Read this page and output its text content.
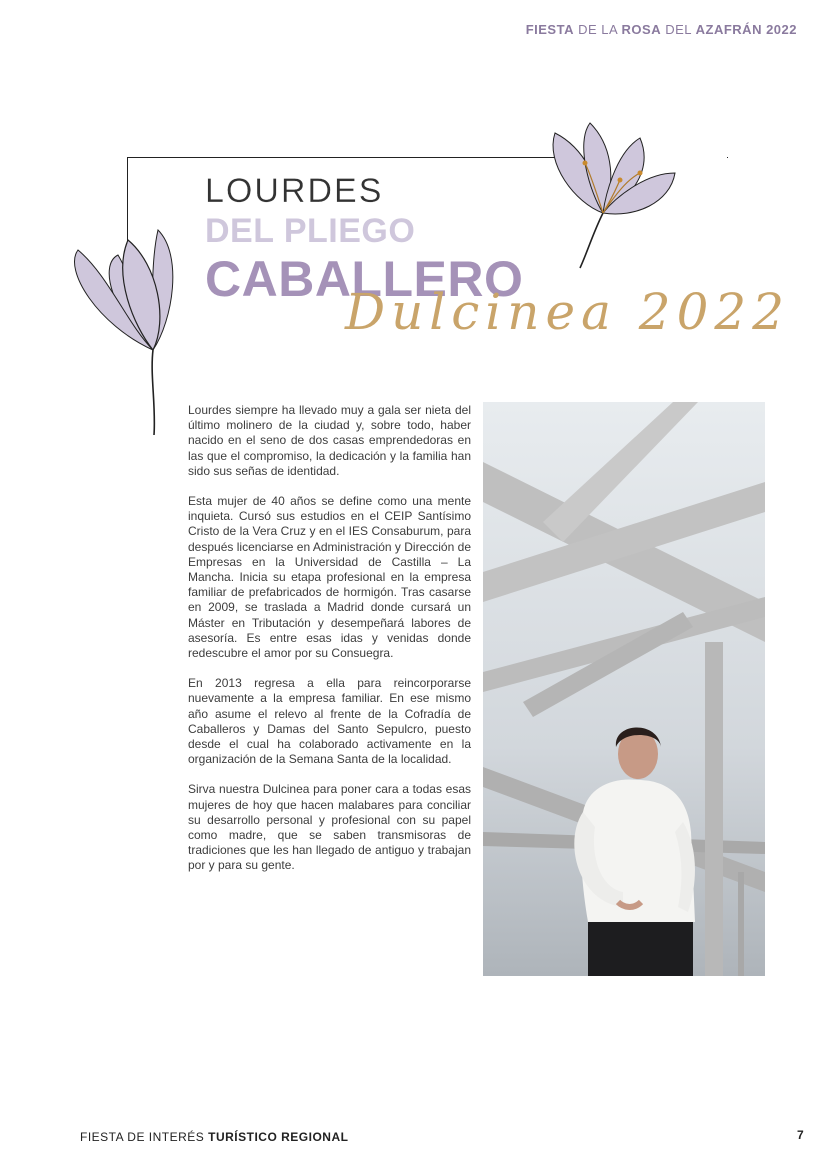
FIESTA DE LA ROSA DEL AZAFRÁN 2022
LOURDES
DEL PLIEGO
CABALLERO
Dulcinea 2022

Lourdes siempre ha llevado muy a gala ser nieta del último molinero de la ciudad y, sobre todo, haber nacido en el seno de dos casas emprendedoras en las que el compromiso, la dedicación y la familia han sido sus señas de identidad.

Esta mujer de 40 años se define como una mente inquieta. Cursó sus estudios en el CEIP Santísimo Cristo de la Vera Cruz y en el IES Consaburum, para después licenciarse en Administración y Dirección de Empresas en la Universidad de Castilla – La Mancha. Inicia su etapa profesional en la empresa familiar de prefabricados de hormigón. Tras casarse en 2009, se traslada a Madrid donde cursará un Máster en Tributación y desempeñará labores de asesoría. Es entre esas idas y venidas donde redescubre el amor por su Consuegra.

En 2013 regresa a ella para reincorporarse nuevamente a la empresa familiar. En ese mismo año asume el relevo al frente de la Cofradía de Caballeros y Damas del Santo Sepulcro, puesto desde el cual ha colaborado activamente en la organización de la Semana Santa de la localidad.

Sirva nuestra Dulcinea para poner cara a todas esas mujeres de hoy que hacen malabares para conciliar su desarrollo personal y profesional con su papel como madre, que se saben transmisoras de tradiciones que les han llegado de antiguo y trabajan por y para su gente.

FIESTA DE INTERÉS TURÍSTICO REGIONAL	7
